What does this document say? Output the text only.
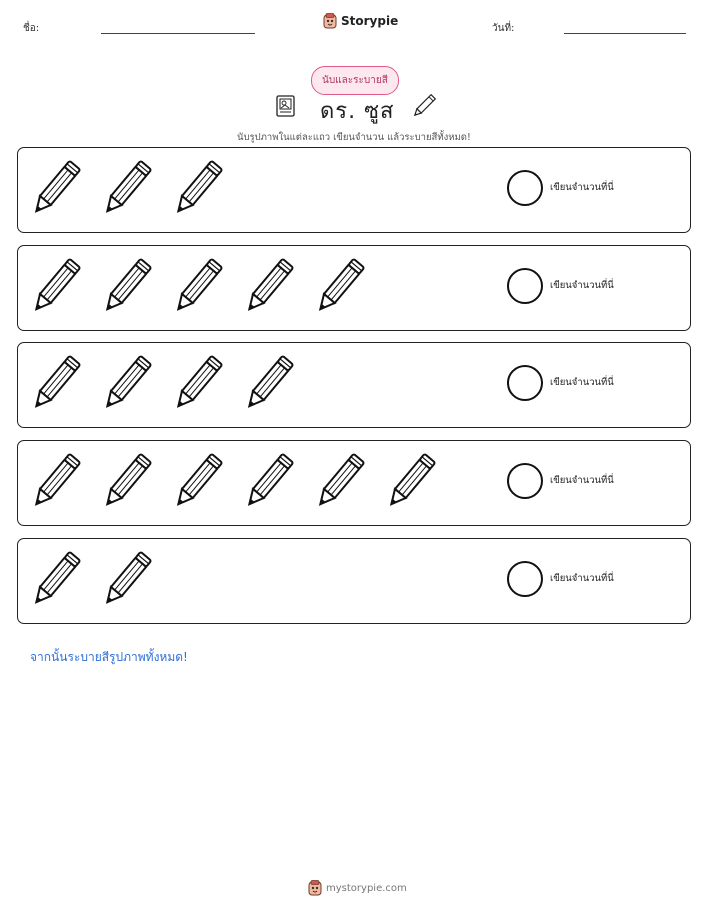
ชื่อ:
Storypie
วันที่:
นับและระบายสี
ดร. ซูส
นับรูปภาพในแต่ละแถว เขียนจำนวน แล้วระบายสีทั้งหมด!
เขียนจำนวนที่นี่
เขียนจำนวนที่นี่
เขียนจำนวนที่นี่
เขียนจำนวนที่นี่
เขียนจำนวนที่นี่
จากนั้นระบายสีรูปภาพทั้งหมด!
mystorypie.com
